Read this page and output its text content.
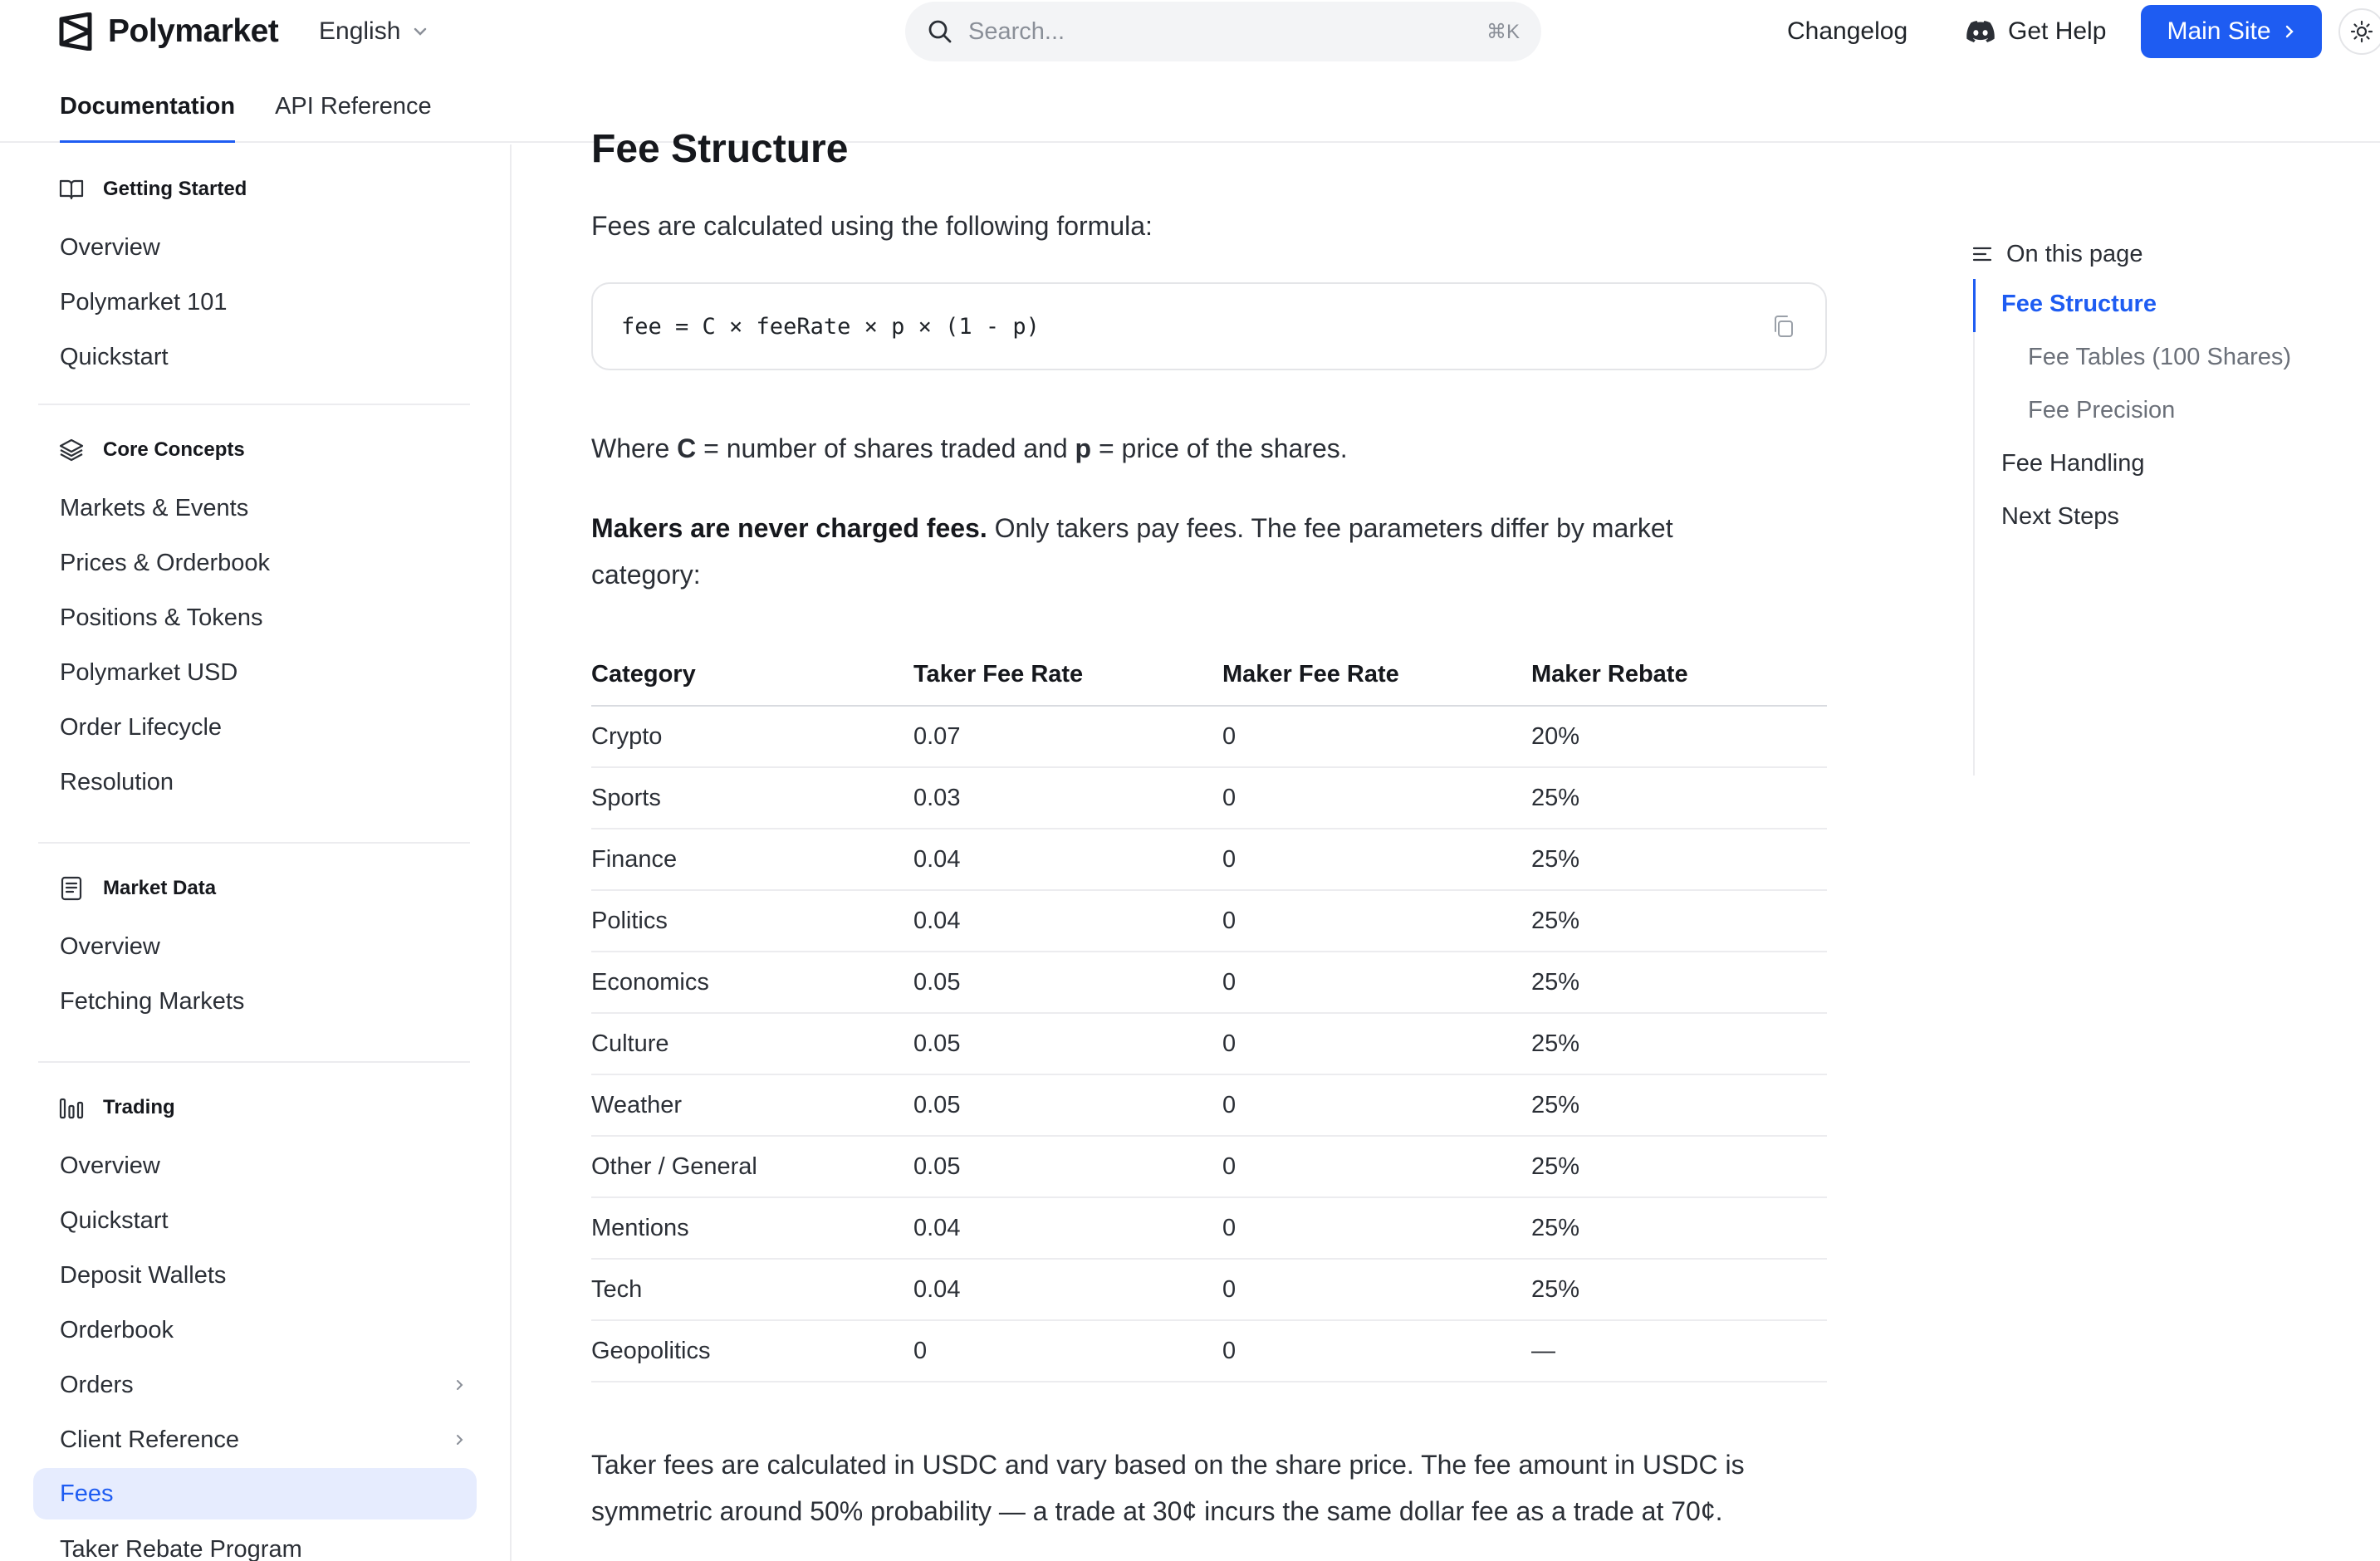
Polymarket English	Search...	⌘K	Changelog	Get Help Main Site
Documentation API Reference
Getting Started
Overview
Polymarket 101
Quickstart
Core Concepts
Markets & Events
Prices & Orderbook
Positions & Tokens
Polymarket USD
Order Lifecycle
Resolution
Market Data
Overview
Fetching Markets
Trading
Overview
Quickstart
Deposit Wallets
Orderbook
Orders
Client Reference
Fees
Taker Rebate Program
Fee Structure
Fees are calculated using the following formula:
fee = C × feeRate × p × (1 - p)
Where C = number of shares traded and p = price of the shares.
Makers are never charged fees. Only takers pay fees. The fee parameters differ by market category:
Category	Taker Fee Rate	Maker Fee Rate	Maker Rebate
Crypto	0.07	0	20%
Sports	0.03	0	25%
Finance	0.04	0	25%
Politics	0.04	0	25%
Economics	0.05	0	25%
Culture	0.05	0	25%
Weather	0.05	0	25%
Other / General	0.05	0	25%
Mentions	0.04	0	25%
Tech	0.04	0	25%
Geopolitics	0	0	—
Taker fees are calculated in USDC and vary based on the share price. The fee amount in USDC is symmetric around 50% probability — a trade at 30¢ incurs the same dollar fee as a trade at 70¢.
On this page
Fee Structure
Fee Tables (100 Shares)
Fee Precision
Fee Handling
Next Steps
